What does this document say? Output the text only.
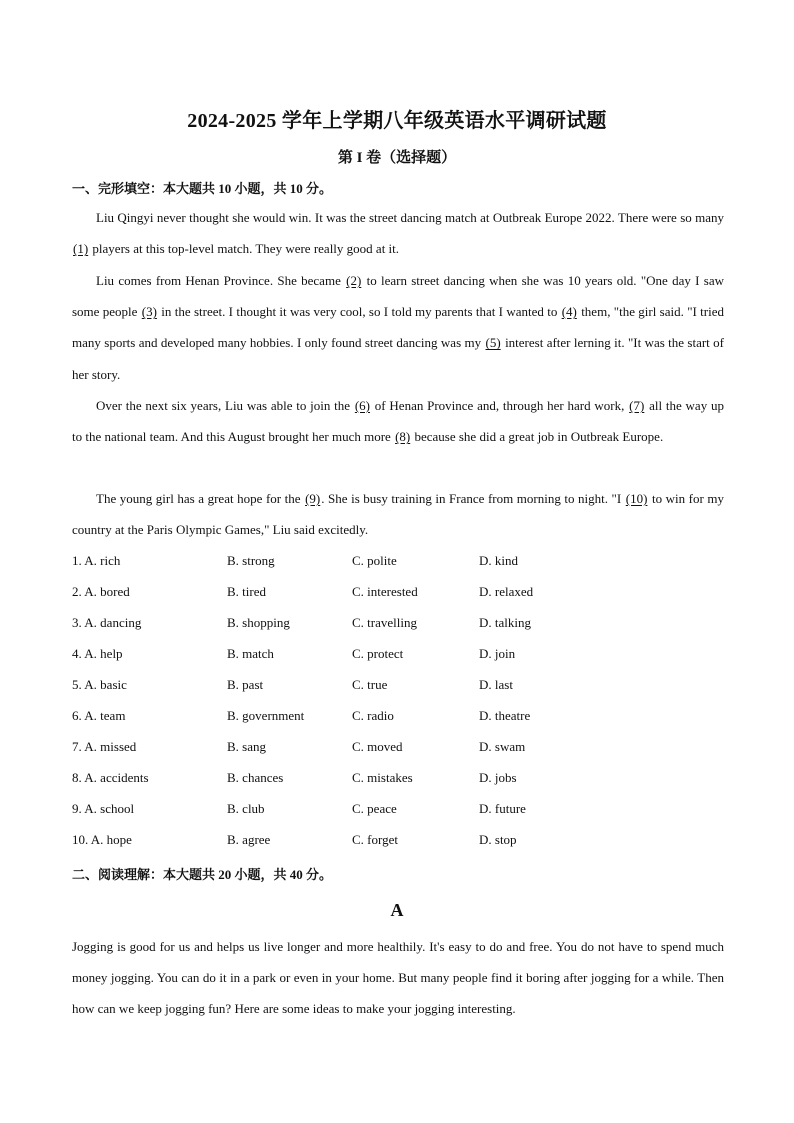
2024-2025 学年上学期八年级英语水平调研试题
第 I 卷（选择题）
一、完形填空：本大题共 10 小题，共 10 分。
Liu Qingyi never thought she would win. It was the street dancing match at Outbreak Europe 2022. There were so many (1) players at this top-level match. They were really good at it.
Liu comes from Henan Province. She became (2) to learn street dancing when she was 10 years old. "One day I saw some people (3) in the street. I thought it was very cool, so I told my parents that I wanted to (4) them, "the girl said. "I tried many sports and developed many hobbies. I only found street dancing was my (5) interest after lerning it. "It was the start of her story.
Over the next six years, Liu was able to join the (6) of Henan Province and, through her hard work, (7) all the way up to the national team. And this August brought her much more (8) because she did a great job in Outbreak Europe.
The young girl has a great hope for the (9). She is busy training in France from morning to night. "I (10) to win for my country at the Paris Olympic Games," Liu said excitedly.
1. A. rich	B. strong	C. polite	D. kind
2. A. bored	B. tired	C. interested	D. relaxed
3. A. dancing	B. shopping	C. travelling	D. talking
4. A. help	B. match	C. protect	D. join
5. A. basic	B. past	C. true	D. last
6. A. team	B. government	C. radio	D. theatre
7. A. missed	B. sang	C. moved	D. swam
8. A. accidents	B. chances	C. mistakes	D. jobs
9. A. school	B. club	C. peace	D. future
10. A. hope	B. agree	C. forget	D. stop
二、阅读理解：本大题共 20 小题，共 40 分。
A
Jogging is good for us and helps us live longer and more healthily. It's easy to do and free. You do not have to spend much money jogging. You can do it in a park or even in your home. But many people find it boring after jogging for a while. Then how can we keep jogging fun? Here are some ideas to make your jogging interesting.
